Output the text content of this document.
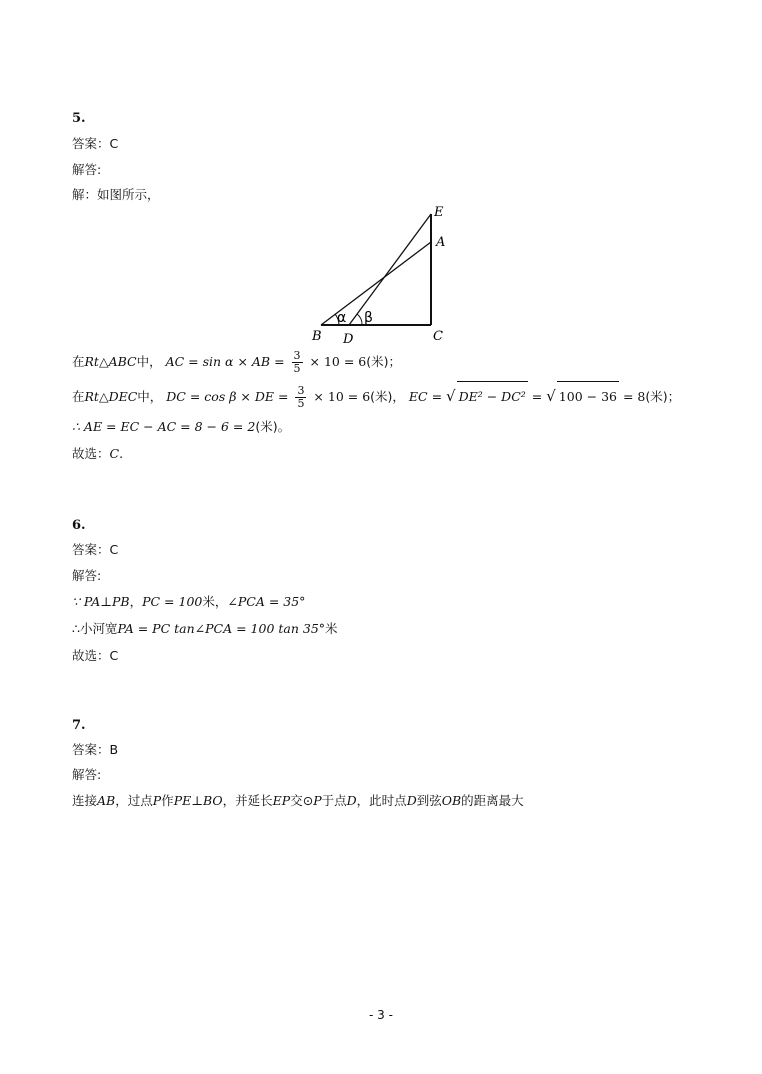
5.
答案：C
解答:
解：如图所示，
E
A
B D	C
α β
在Rt△ABC中， AC = sin α × AB = $\frac{3}{5} \times 10 = 6$(米)；
在Rt△DEC中， DC = cos β × DE = $\frac{3}{5} \times 10 = 6$(米)， EC = √ DE² − DC² = √ 100 − 36 = 8(米)；
∴ AE = EC − AC = 8 − 6 = 2(米)。
故选：C.
6.
答案：C
解答:
∵ PA⊥PB，PC = 100米，∠PCA = 35°
∴小河宽PA = PC tan∠PCA = 100 tan 35°米
故选：C
7.
答案：B
解答:
连接AB，过点P作PE⊥BO，并延长EP交⊙P于点D，此时点D到弦OB的距离最大
- 3 -
